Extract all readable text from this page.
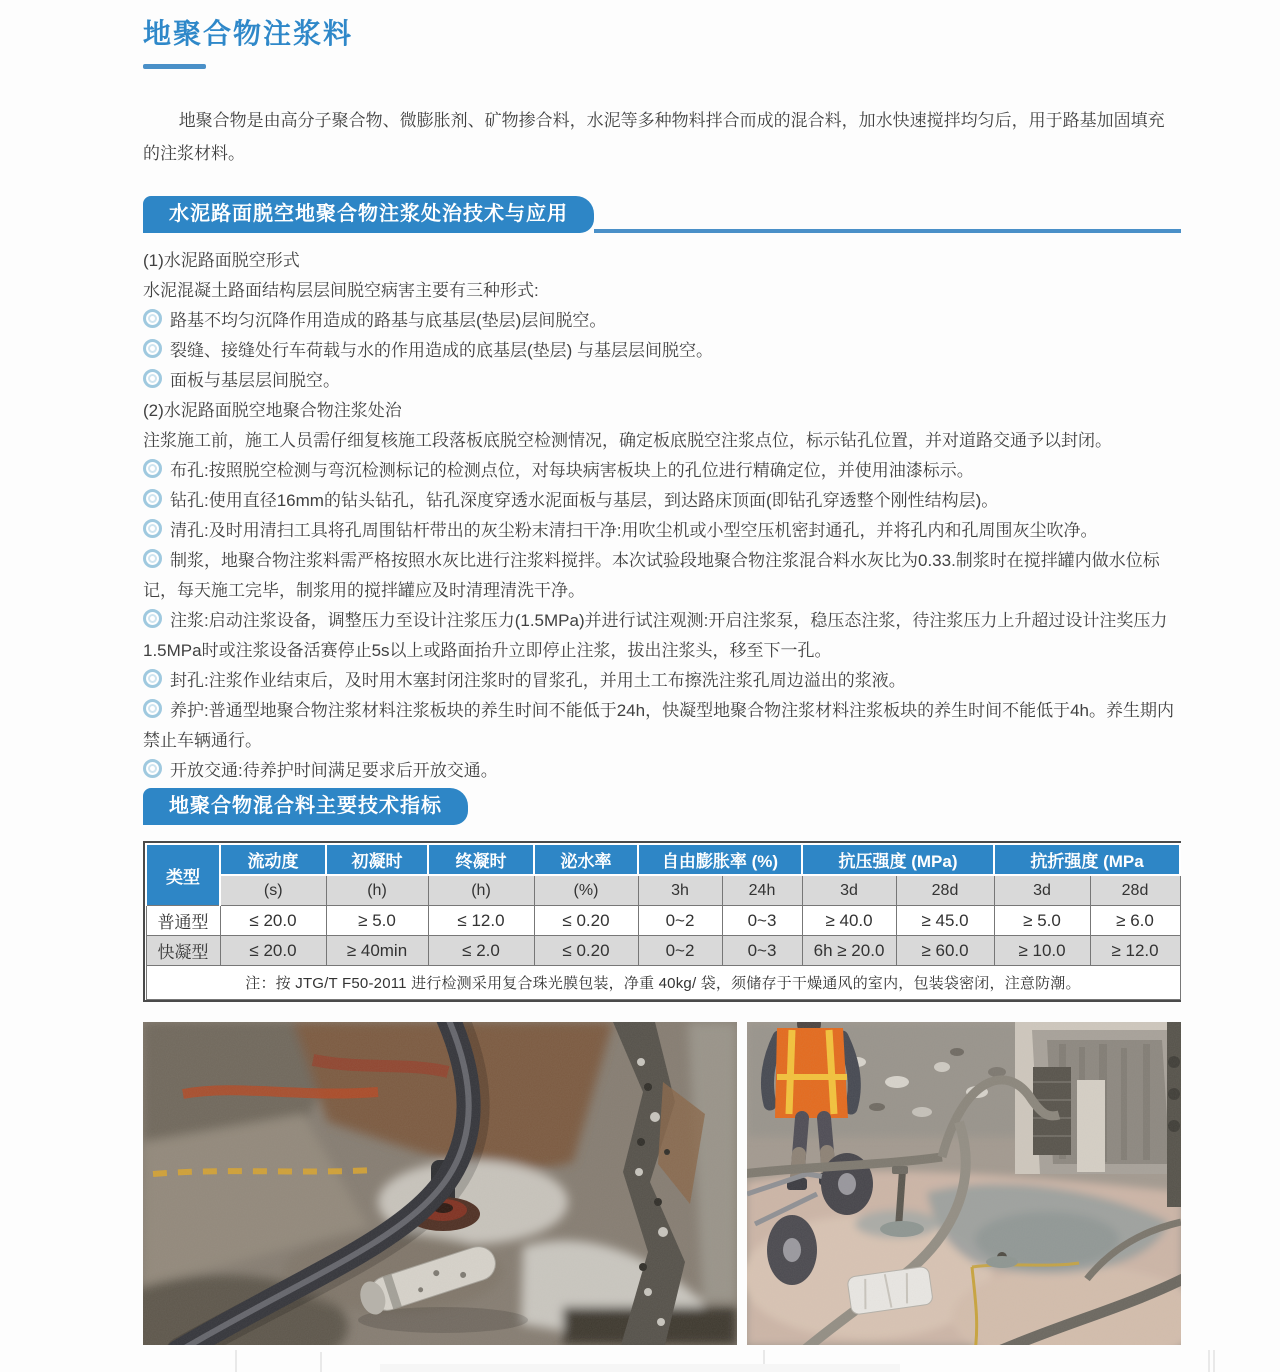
地聚合物注浆料
地聚合物是由高分子聚合物、微膨胀剂、矿物掺合料，水泥等多种物料拌合而成的混合料，加水快速搅拌均匀后，用于路基加固填充的注浆材料。
水泥路面脱空地聚合物注浆处治技术与应用
(1)水泥路面脱空形式
水泥混凝土路面结构层层间脱空病害主要有三种形式:
路基不均匀沉降作用造成的路基与底基层(垫层)层间脱空。
裂缝、接缝处行车荷载与水的作用造成的底基层(垫层) 与基层层间脱空。
面板与基层层间脱空。
(2)水泥路面脱空地聚合物注浆处治
注浆施工前，施工人员需仔细复核施工段落板底脱空检测情况，确定板底脱空注浆点位，标示钻孔位置，并对道路交通予以封闭。
布孔:按照脱空检测与弯沉检测标记的检测点位，对每块病害板块上的孔位进行精确定位，并使用油漆标示。
钻孔:使用直径16mm的钻头钻孔，钻孔深度穿透水泥面板与基层，到达路床顶面(即钻孔穿透整个刚性结构层)。
清孔:及时用清扫工具将孔周围钻杆带出的灰尘粉末清扫干净:用吹尘机或小型空压机密封通孔，并将孔内和孔周围灰尘吹净。
制浆，地聚合物注浆料需严格按照水灰比进行注浆料搅拌。本次试验段地聚合物注浆混合料水灰比为0.33.制浆时在搅拌罐内做水位标记，每天施工完毕，制浆用的搅拌罐应及时清理清洗干净。
注浆:启动注浆设备，调整压力至设计注浆压力(1.5MPa)并进行试注观测:开启注浆泵，稳压态注浆，待注浆压力上升超过设计注奖压力1.5MPa时或注浆设备活赛停止5s以上或路面抬升立即停止注浆，拔出注浆头，移至下一孔。
封孔:注浆作业结束后，及时用木塞封闭注浆时的冒浆孔，并用土工布擦洗注浆孔周边溢出的浆液。
养护:普通型地聚合物注浆材料注浆板块的养生时间不能低于24h，快凝型地聚合物注浆材料注浆板块的养生时间不能低于4h。养生期内禁止车辆通行。
开放交通:待养护时间满足要求后开放交通。
地聚合物混合料主要技术指标
类型	流动度	初凝时	终凝时	泌水率	自由膨胀率 (%)		抗压强度 (MPa)		抗折强度 (MPa	
	(s)	(h)	(h)	(%)	3h	24h	3d	28d	3d	28d
普通型	≤ 20.0	≥ 5.0	≤ 12.0	≤ 0.20	0~2	0~3	≥ 40.0	≥ 45.0	≥ 5.0	≥ 6.0
快凝型	≤ 20.0	≥ 40min	≤ 2.0	≤ 0.20	0~2	0~3	6h ≥ 20.0	≥ 60.0	≥ 10.0	≥ 12.0
注：按 JTG/T F50-2011 进行检测采用复合珠光膜包装，净重 40kg/ 袋，须储存于干燥通风的室内，包装袋密闭，注意防潮。										
